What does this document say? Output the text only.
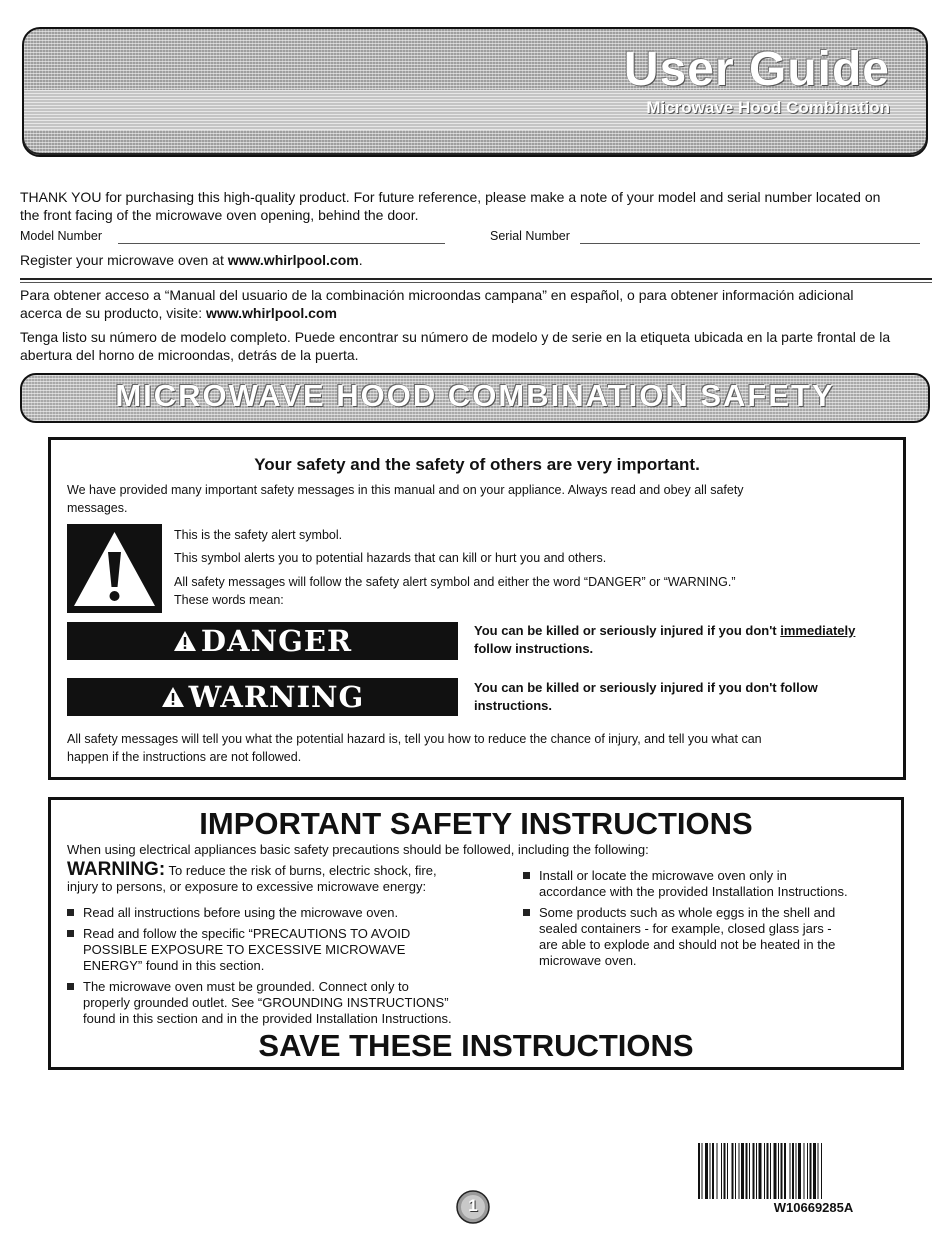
User Guide
Microwave Hood Combination
THANK YOU for purchasing this high-quality product. For future reference, please make a note of your model and serial number located on
the front facing of the microwave oven opening, behind the door.
Model Number	Serial Number
Register your microwave oven at www.whirlpool.com.
Para obtener acceso a “Manual del usuario de la combinación microondas campana” en español, o para obtener información adicional
acerca de su producto, visite: www.whirlpool.com
Tenga listo su número de modelo completo. Puede encontrar su número de modelo y de serie en la etiqueta ubicada en la parte frontal de la
abertura del horno de microondas, detrás de la puerta.
MICROWAVE HOOD COMBINATION SAFETY
Your safety and the safety of others are very important.
We have provided many important safety messages in this manual and on your appliance. Always read and obey all safety
messages.
This is the safety alert symbol.
This symbol alerts you to potential hazards that can kill or hurt you and others.
All safety messages will follow the safety alert symbol and either the word “DANGER” or “WARNING.”
These words mean:
DANGER	You can be killed or seriously injured if you don't immediately
follow instructions.
WARNING	You can be killed or seriously injured if you don't follow
instructions.
All safety messages will tell you what the potential hazard is, tell you how to reduce the chance of injury, and tell you what can
happen if the instructions are not followed.
IMPORTANT SAFETY INSTRUCTIONS
When using electrical appliances basic safety precautions should be followed, including the following:
WARNING: To reduce the risk of burns, electric shock, fire,
injury to persons, or exposure to excessive microwave energy:
Read all instructions before using the microwave oven.
Read and follow the specific “PRECAUTIONS TO AVOID
POSSIBLE EXPOSURE TO EXCESSIVE MICROWAVE
ENERGY” found in this section.
The microwave oven must be grounded. Connect only to
properly grounded outlet. See “GROUNDING INSTRUCTIONS”
found in this section and in the provided Installation Instructions.
Install or locate the microwave oven only in
accordance with the provided Installation Instructions.
Some products such as whole eggs in the shell and
sealed containers - for example, closed glass jars -
are able to explode and should not be heated in the
microwave oven.
SAVE THESE INSTRUCTIONS
W10669285A
1
